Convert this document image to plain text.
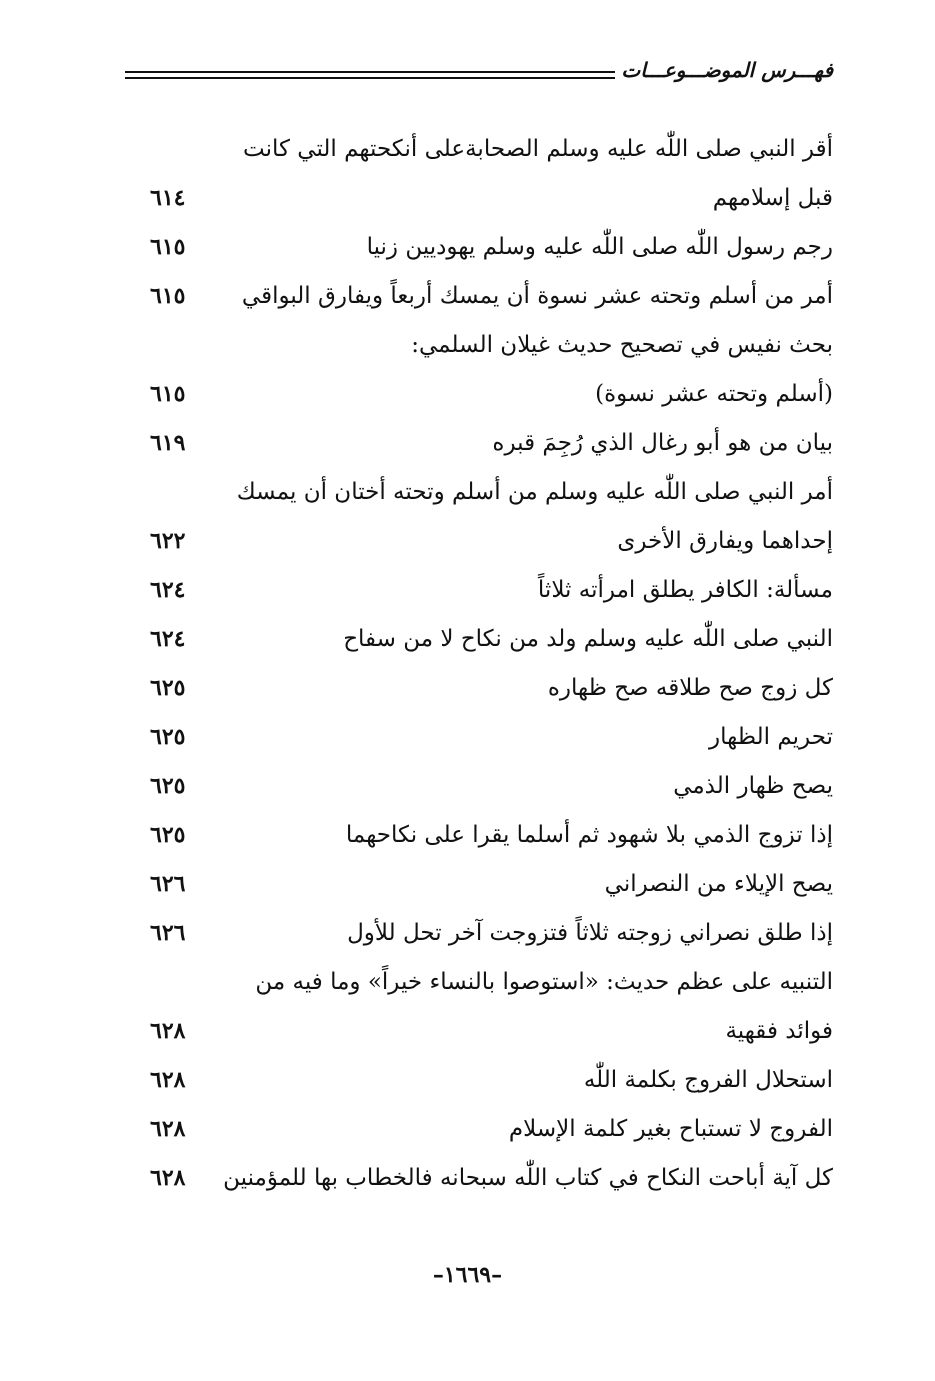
فهـــرس الموضـــوعـــات
أقر النبي صلى اللّٰه عليه وسلم الصحابةعلى أنكحتهم التي كانت
قبل إسلامهم
٦١٤
رجم رسول اللّٰه صلى اللّٰه عليه وسلم يهوديين زنيا
٦١٥
أمر من أسلم وتحته عشر نسوة أن يمسك أربعاً ويفارق البواقي
٦١٥
بحث نفيس في تصحيح حديث غيلان السلمي:
(أسلم وتحته عشر نسوة)
٦١٥
بيان من هو أبو رغال الذي رُجِمَ قبره
٦١٩
أمر النبي صلى اللّٰه عليه وسلم من أسلم وتحته أختان أن يمسك
إحداهما ويفارق الأخرى
٦٢٢
مسألة: الكافر يطلق امرأته ثلاثاً
٦٢٤
النبي صلى اللّٰه عليه وسلم ولد من نكاح لا من سفاح
٦٢٤
كل زوج صح طلاقه صح ظهاره
٦٢٥
تحريم الظهار
٦٢٥
يصح ظهار الذمي
٦٢٥
إذا تزوج الذمي بلا شهود ثم أسلما يقرا على نكاحهما
٦٢٥
يصح الإيلاء من النصراني
٦٢٦
إذا طلق نصراني زوجته ثلاثاً فتزوجت آخر تحل للأول
٦٢٦
التنبيه على عظم حديث: «استوصوا بالنساء خيراً» وما فيه من
فوائد فقهية
٦٢٨
استحلال الفروج بكلمة اللّٰه
٦٢٨
الفروج لا تستباح بغير كلمة الإسلام
٦٢٨
كل آية أباحت النكاح في كتاب اللّٰه سبحانه فالخطاب بها للمؤمنين
٦٢٨
–١٦٦٩–
